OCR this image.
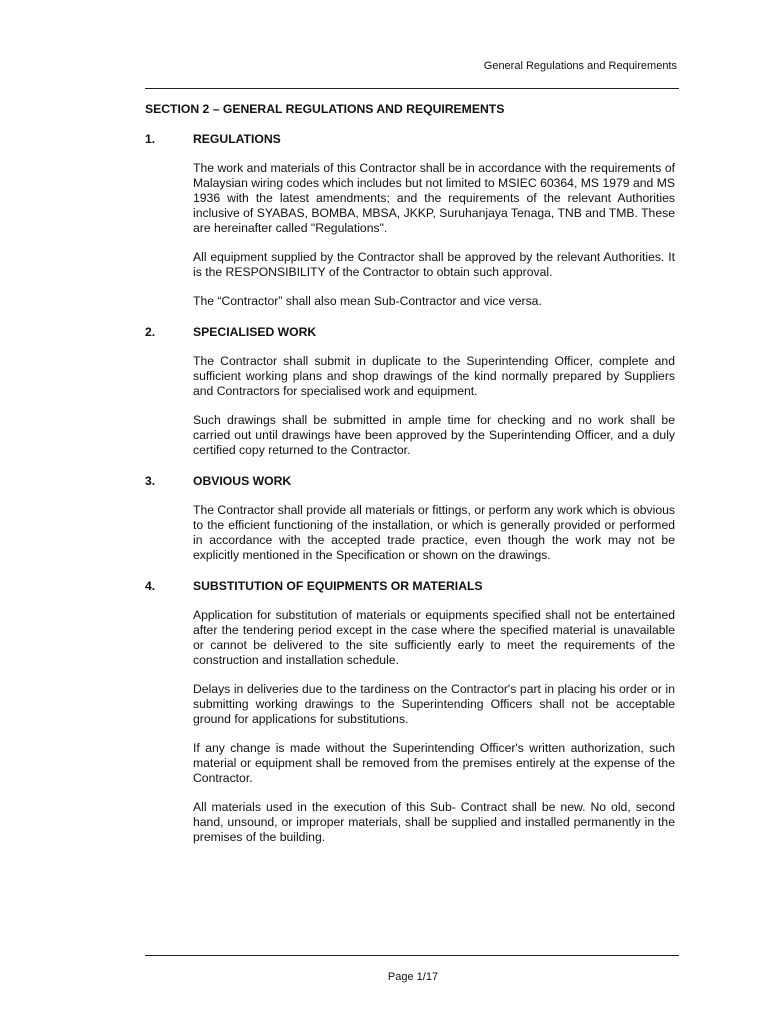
General Regulations and Requirements
SECTION 2 – GENERAL REGULATIONS AND REQUIREMENTS
1.	REGULATIONS

The work and materials of this Contractor shall be in accordance with the requirements of Malaysian wiring codes which includes but not limited to MSIEC 60364, MS 1979 and MS 1936 with the latest amendments; and the requirements of the relevant Authorities inclusive of SYABAS, BOMBA, MBSA, JKKP, Suruhanjaya Tenaga, TNB and TMB. These are hereinafter called "Regulations".

All equipment supplied by the Contractor shall be approved by the relevant Authorities. It is the RESPONSIBILITY of the Contractor to obtain such approval.

The “Contractor” shall also mean Sub-Contractor and vice versa.

2.	SPECIALISED WORK

The Contractor shall submit in duplicate to the Superintending Officer, complete and sufficient working plans and shop drawings of the kind normally prepared by Suppliers and Contractors for specialised work and equipment.

Such drawings shall be submitted in ample time for checking and no work shall be carried out until drawings have been approved by the Superintending Officer, and a duly certified copy returned to the Contractor.

3.	OBVIOUS WORK

The Contractor shall provide all materials or fittings, or perform any work which is obvious to the efficient functioning of the installation, or which is generally provided or performed in accordance with the accepted trade practice, even though the work may not be explicitly mentioned in the Specification or shown on the drawings.

4.	SUBSTITUTION OF EQUIPMENTS OR MATERIALS

Application for substitution of materials or equipments specified shall not be entertained after the tendering period except in the case where the specified material is unavailable or cannot be delivered to the site sufficiently early to meet the requirements of the construction and installation schedule.

Delays in deliveries due to the tardiness on the Contractor's part in placing his order or in submitting working drawings to the Superintending Officers shall not be acceptable ground for applications for substitutions.

If any change is made without the Superintending Officer's written authorization, such material or equipment shall be removed from the premises entirely at the expense of the Contractor.

All materials used in the execution of this Sub- Contract shall be new. No old, second hand, unsound, or improper materials, shall be supplied and installed permanently in the premises of the building.

Page 1/17
